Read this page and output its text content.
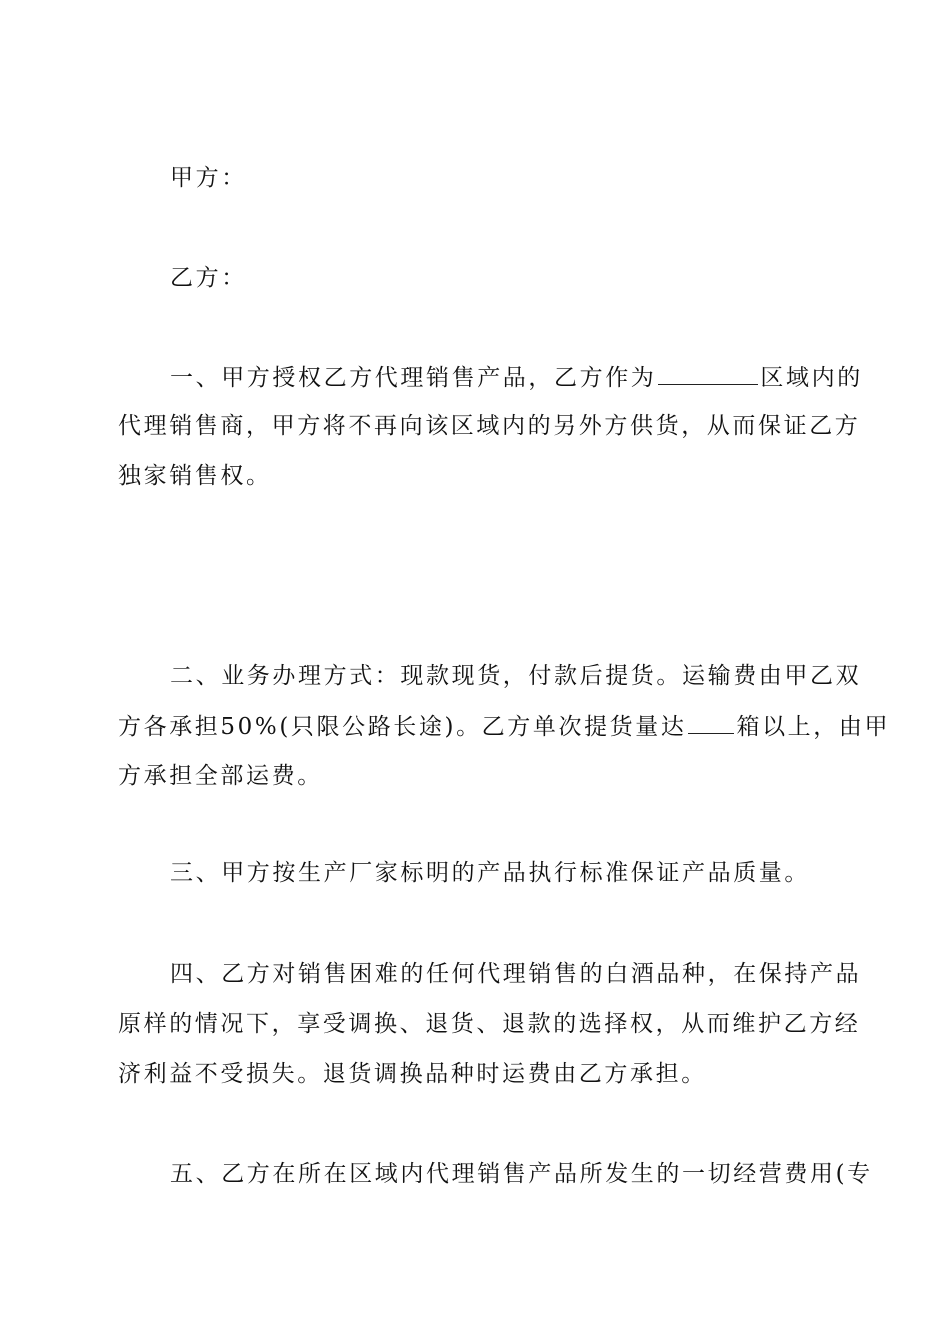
甲方：
乙方：
一、甲方授权乙方代理销售产品，乙方作为	区域内的
代理销售商，甲方将不再向该区域内的另外方供货，从而保证乙方
独家销售权。
二、业务办理方式：现款现货，付款后提货。运输费由甲乙双
方各承担50%(只限公路长途)。乙方单次提货量达 箱以上，由甲
方承担全部运费。
三、甲方按生产厂家标明的产品执行标准保证产品质量。
四、乙方对销售困难的任何代理销售的白酒品种，在保持产品
原样的情况下，享受调换、退货、退款的选择权，从而维护乙方经
济利益不受损失。退货调换品种时运费由乙方承担。
五、乙方在所在区域内代理销售产品所发生的一切经营费用(专
